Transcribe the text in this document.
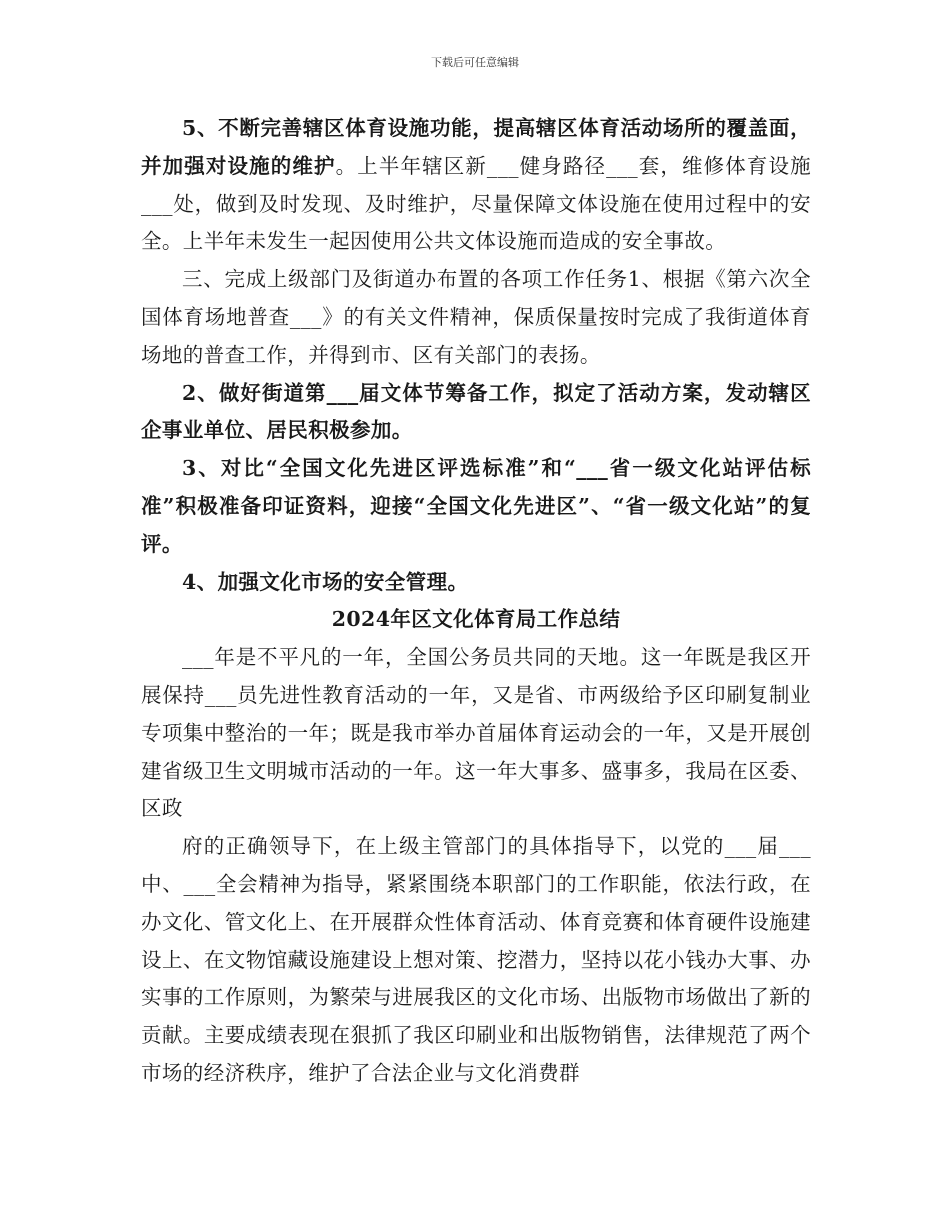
下载后可任意编辑

5、不断完善辖区体育设施功能，提高辖区体育活动场所的覆盖面，并加强对设施的维护。上半年辖区新___健身路径___套，维修体育设施___处，做到及时发现、及时维护，尽量保障文体设施在使用过程中的安全。上半年未发生一起因使用公共文体设施而造成的安全事故。

三、完成上级部门及街道办布置的各项工作任务1、根据《第六次全国体育场地普查___》的有关文件精神，保质保量按时完成了我街道体育场地的普查工作，并得到市、区有关部门的表扬。

2、做好街道第___届文体节筹备工作，拟定了活动方案，发动辖区企事业单位、居民积极参加。

3、对比“全国文化先进区评选标准”和“___省一级文化站评估标准”积极准备印证资料，迎接“全国文化先进区”、“省一级文化站”的复评。

4、加强文化市场的安全管理。

2024年区文化体育局工作总结

___年是不平凡的一年，全国公务员共同的天地。这一年既是我区开展保持___员先进性教育活动的一年，又是省、市两级给予区印刷复制业专项集中整治的一年；既是我市举办首届体育运动会的一年，又是开展创建省级卫生文明城市活动的一年。这一年大事多、盛事多，我局在区委、区政

府的正确领导下，在上级主管部门的具体指导下，以党的___届___中、___全会精神为指导，紧紧围绕本职部门的工作职能，依法行政，在办文化、管文化上、在开展群众性体育活动、体育竞赛和体育硬件设施建设上、在文物馆藏设施建设上想对策、挖潜力，坚持以花小钱办大事、办实事的工作原则，为繁荣与进展我区的文化市场、出版物市场做出了新的贡献。主要成绩表现在狠抓了我区印刷业和出版物销售，法律规范了两个市场的经济秩序，维护了合法企业与文化消费群
